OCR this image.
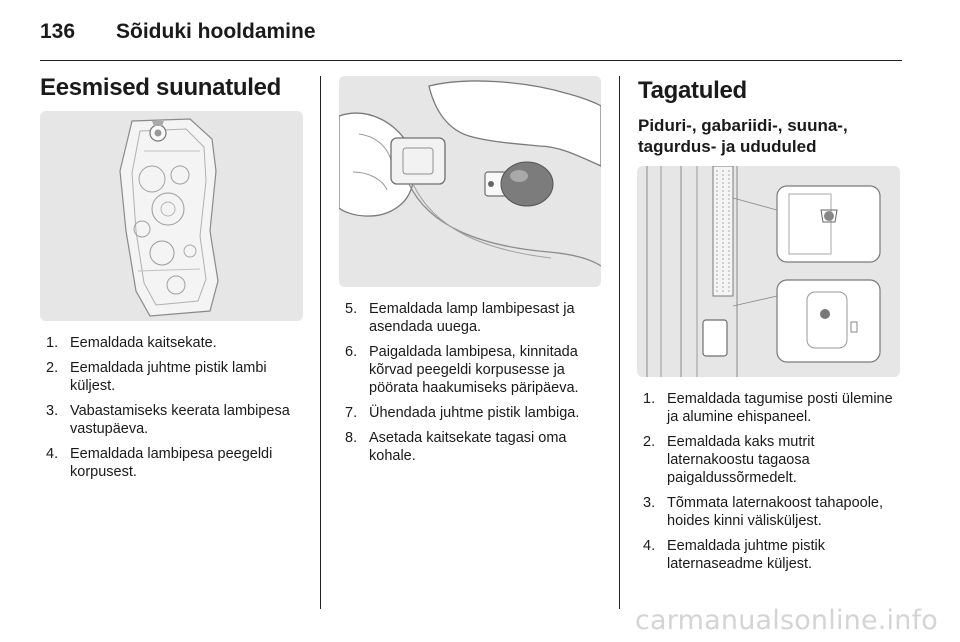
136 Sõiduki hooldamine
Eesmised suunatuled
1. Eemaldada kaitsekate.
2. Eemaldada juhtme pistik lambi küljest.
3. Vabastamiseks keerata lambipesa vastupäeva.
4. Eemaldada lambipesa peegeldi korpusest.
5. Eemaldada lamp lambipesast ja asendada uuega.
6. Paigaldada lambipesa, kinnitada kõrvad peegeldi korpusesse ja pöörata haakumiseks päripäeva.
7. Ühendada juhtme pistik lambiga.
8. Asetada kaitsekate tagasi oma kohale.
Tagatuled
Piduri-, gabariidi-, suuna-, tagurdus- ja ududuled
1. Eemaldada tagumise posti ülemine ja alumine ehispaneel.
2. Eemaldada kaks mutrit laternakoostu tagaosa paigaldussõrmedelt.
3. Tõmmata laternakoost tahapoole, hoides kinni välisküljest.
4. Eemaldada juhtme pistik laternaseadme küljest.
carmanualsonline.info
